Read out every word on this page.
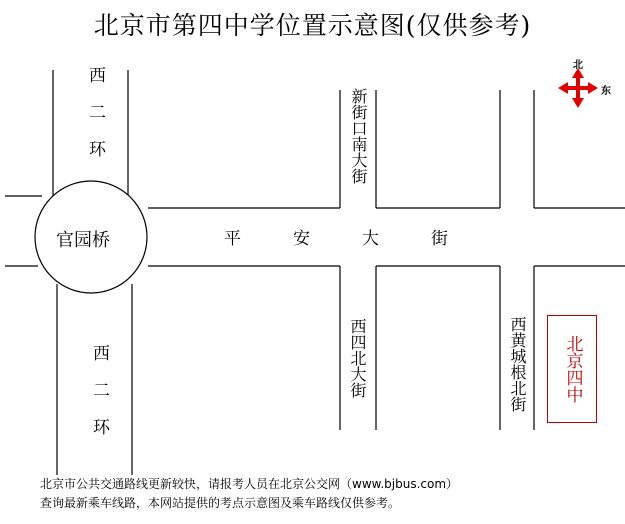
北京市第四中学位置示意图(仅供参考)
西二环
西二环
新街口南大街
西四北大街	西黄城根北街
平安大街
官园桥
北京四中
北
东
北京市公共交通路线更新较快，请报考人员在北京公交网（www.bjbus.com）
查询最新乘车线路，本网站提供的考点示意图及乘车路线仅供参考。
